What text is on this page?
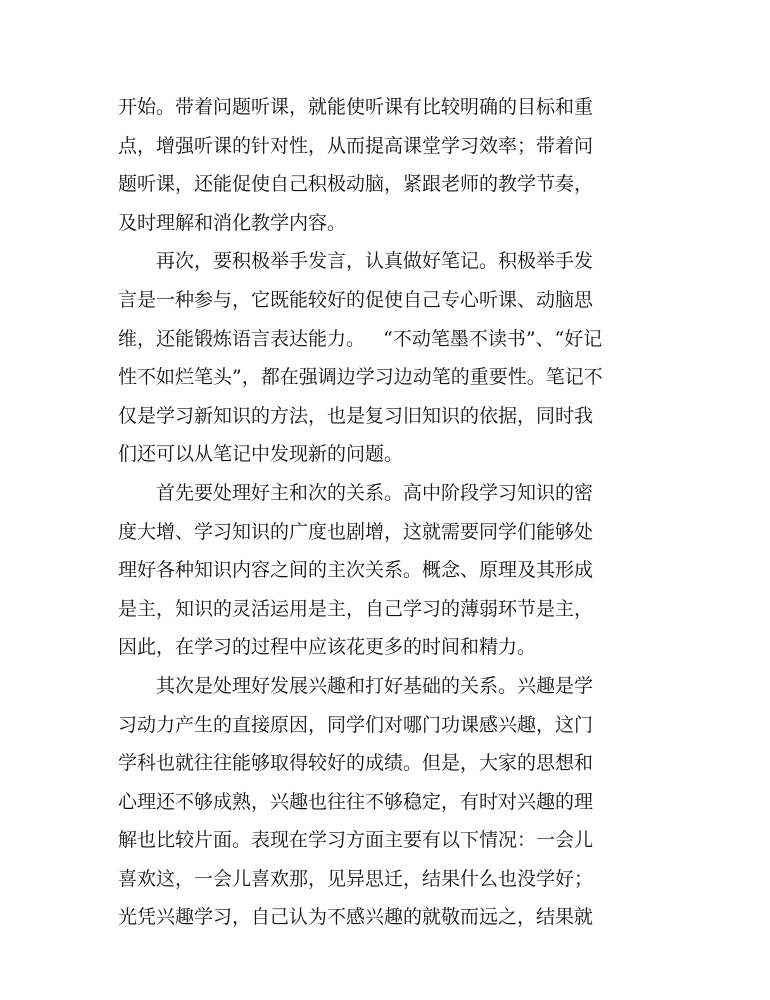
开始。带着问题听课，就能使听课有比较明确的目标和重
点，增强听课的针对性，从而提高课堂学习效率；带着问
题听课，还能促使自己积极动脑，紧跟老师的教学节奏，
及时理解和消化教学内容。
再次，要积极举手发言，认真做好笔记。积极举手发
言是一种参与，它既能较好的促使自己专心听课、动脑思
维，还能锻炼语言表达能力。   “不动笔墨不读书”、“好记
性不如烂笔头”，都在强调边学习边动笔的重要性。笔记不
仅是学习新知识的方法，也是复习旧知识的依据，同时我
们还可以从笔记中发现新的问题。
首先要处理好主和次的关系。高中阶段学习知识的密
度大增、学习知识的广度也剧增，这就需要同学们能够处
理好各种知识内容之间的主次关系。概念、原理及其形成
是主，知识的灵活运用是主，自己学习的薄弱环节是主，
因此，在学习的过程中应该花更多的时间和精力。
其次是处理好发展兴趣和打好基础的关系。兴趣是学
习动力产生的直接原因，同学们对哪门功课感兴趣，这门
学科也就往往能够取得较好的成绩。但是，大家的思想和
心理还不够成熟，兴趣也往往不够稳定，有时对兴趣的理
解也比较片面。表现在学习方面主要有以下情况：一会儿
喜欢这，一会儿喜欢那，见异思迁，结果什么也没学好；
光凭兴趣学习，自己认为不感兴趣的就敬而远之，结果就
